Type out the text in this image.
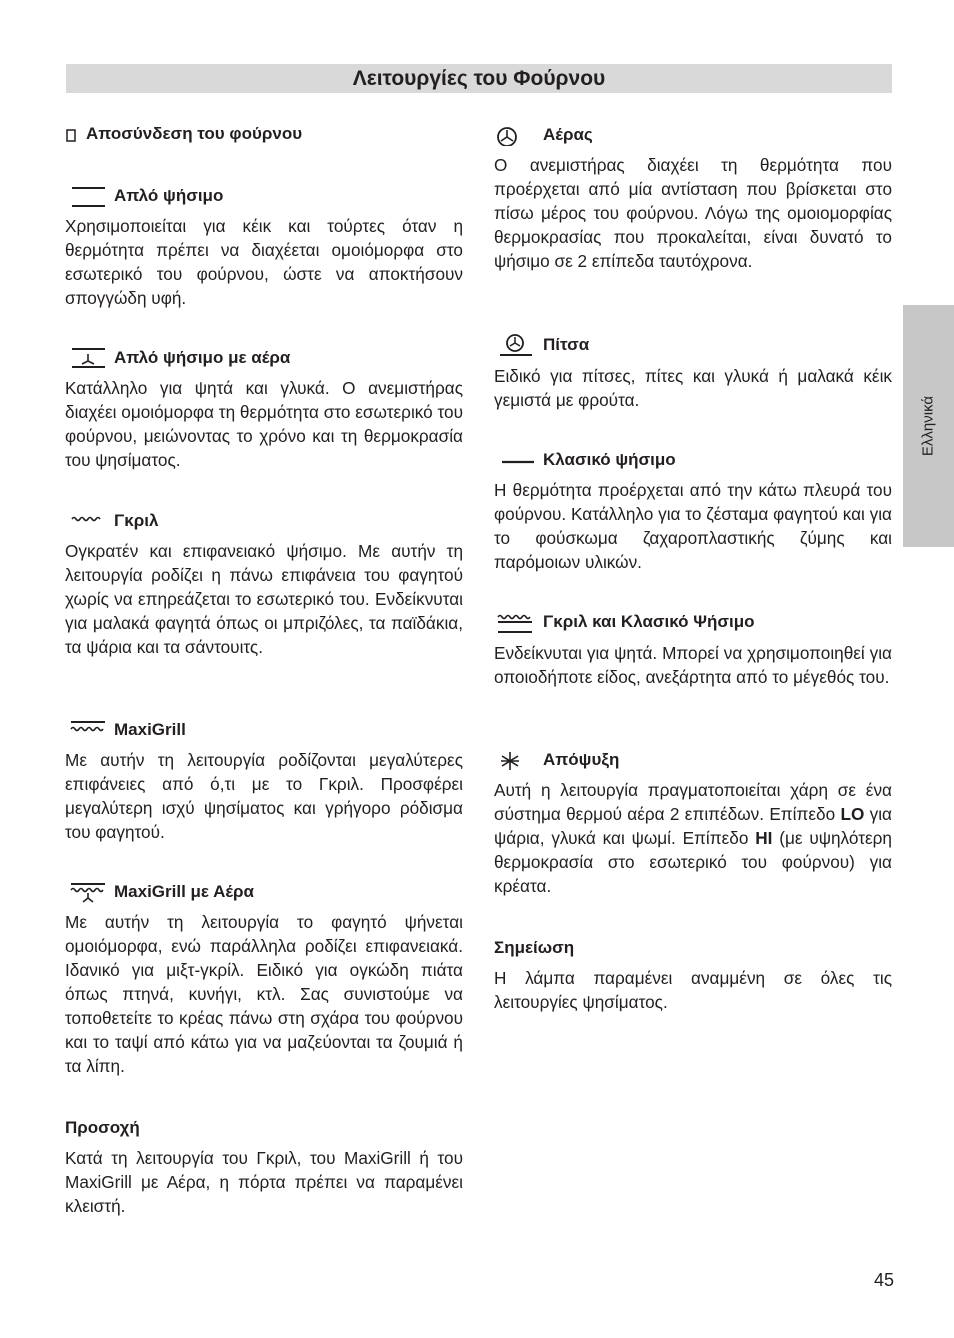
Λειτουργίες του Φούρνου
Ελληνικά
Αποσύνδεση του φούρνου
Απλό ψήσιμο
Χρησιμοποιείται για κέικ και τούρτες όταν η θερμότητα πρέπει να διαχέεται ομοιόμορφα στο εσωτερικό του φούρνου, ώστε να αποκτήσουν σπογγώδη υφή.
Απλό ψήσιμο με αέρα
Κατάλληλο για ψητά και γλυκά. Ο ανεμιστήρας διαχέει ομοιόμορφα τη θερμότητα στο εσωτερικό του φούρνου, μειώνοντας το χρόνο και τη θερμοκρασία του ψησίματος.
Γκριλ
Ογκρατέν και επιφανειακό ψήσιμο. Με αυτήν τη λειτουργία ροδίζει η πάνω επιφάνεια του φαγητού χωρίς να επηρεάζεται το εσωτερικό του. Ενδείκνυται για μαλακά φαγητά όπως οι μπριζόλες, τα παϊδάκια, τα ψάρια και τα σάντουιτς.
MaxiGrill
Με αυτήν τη λειτουργία ροδίζονται μεγαλύτερες επιφάνειες από ό,τι με το Γκριλ. Προσφέρει μεγαλύτερη ισχύ ψησίματος και γρήγορο ρόδισμα του φαγητού.
MaxiGrill με Αέρα
Με αυτήν τη λειτουργία το φαγητό ψήνεται ομοιόμορφα, ενώ παράλληλα ροδίζει επιφανειακά. Ιδανικό για μιξτ-γκρίλ. Ειδικό για ογκώδη πιάτα όπως πτηνά, κυνήγι, κτλ. Σας συνιστούμε να τοποθετείτε το κρέας πάνω στη σχάρα του φούρνου και το ταψί από κάτω για να μαζεύονται τα ζουμιά ή τα λίπη.
Προσοχή
Κατά τη λειτουργία του Γκριλ, του MaxiGrill ή του MaxiGrill με Αέρα, η πόρτα πρέπει να παραμένει κλειστή.
Αέρας
Ο ανεμιστήρας διαχέει τη θερμότητα που προέρχεται από μία αντίσταση που βρίσκεται στο πίσω μέρος του φούρνου. Λόγω της ομοιομορφίας θερμοκρασίας που προκαλείται, είναι δυνατό το ψήσιμο σε 2 επίπεδα ταυτόχρονα.
Πίτσα
Ειδικό για πίτσες, πίτες και γλυκά ή μαλακά κέικ γεμιστά με φρούτα.
Κλασικό ψήσιμο
Η θερμότητα προέρχεται από την κάτω πλευρά του φούρνου. Κατάλληλο για το ζέσταμα φαγητού και για το φούσκωμα ζαχαροπλαστικής ζύμης και παρόμοιων υλικών.
Γκριλ και Κλασικό Ψήσιμο
Ενδείκνυται για ψητά. Μπορεί να χρησιμοποιηθεί για οποιοδήποτε είδος, ανεξάρτητα από το μέγεθός του.
Απόψυξη
Αυτή η λειτουργία πραγματοποιείται χάρη σε ένα σύστημα θερμού αέρα 2 επιπέδων. Επίπεδο LO για ψάρια, γλυκά και ψωμί. Επίπεδο HI (με υψηλότερη θερμοκρασία στο εσωτερικό του φούρνου) για κρέατα.
Σημείωση
Η λάμπα παραμένει αναμμένη σε όλες τις λειτουργίες ψησίματος.
45
